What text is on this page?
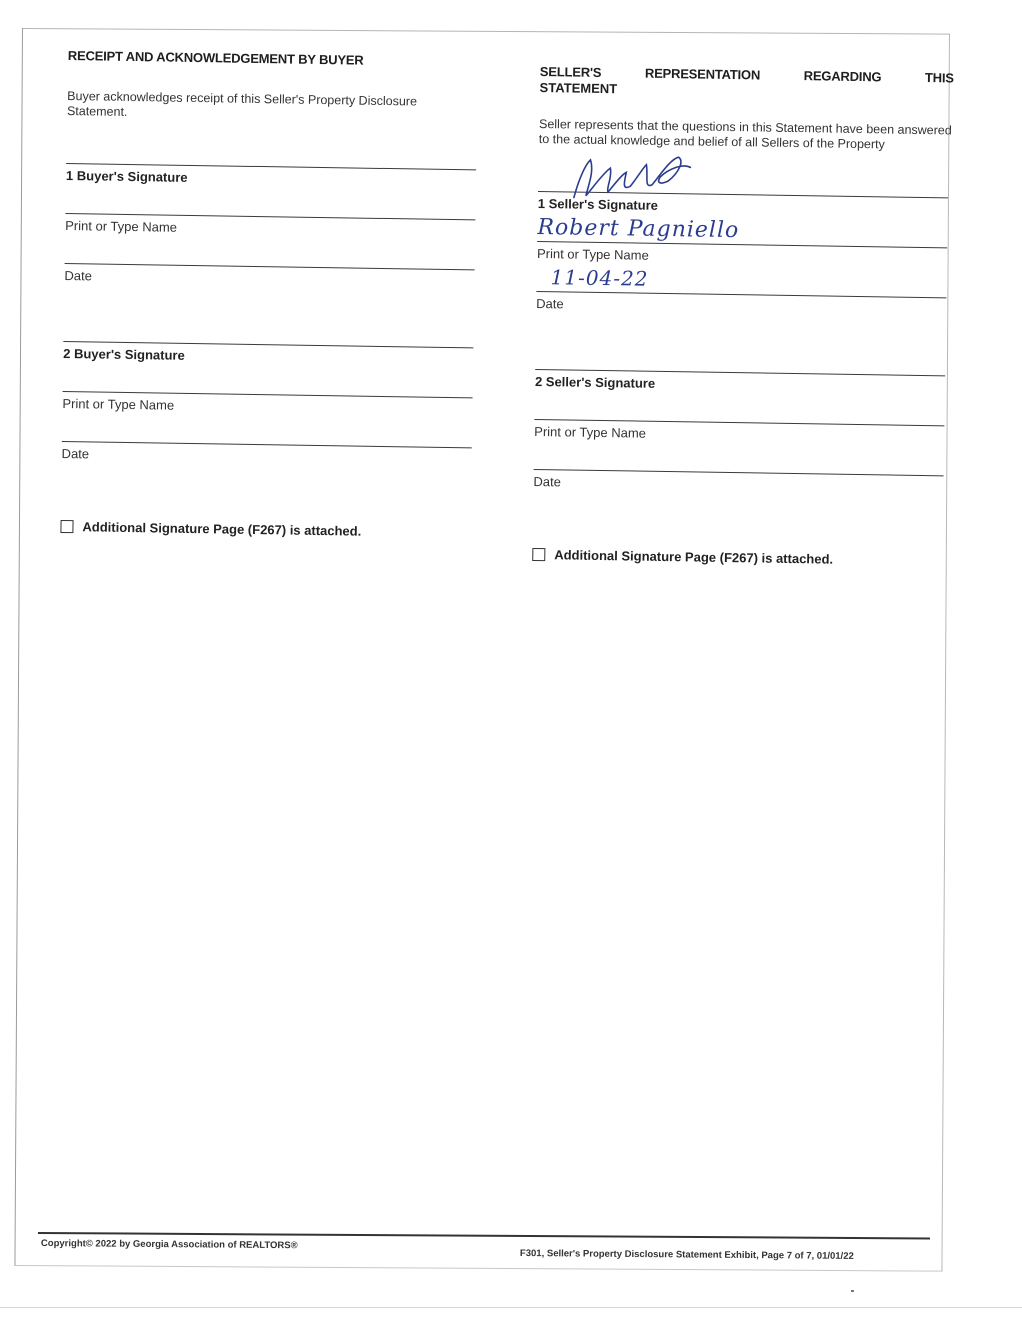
RECEIPT AND ACKNOWLEDGEMENT BY BUYER
Buyer acknowledges receipt of this Seller's Property Disclosure Statement.
1 Buyer's Signature
Print or Type Name
Date
2 Buyer's Signature
Print or Type Name
Date
Additional Signature Page (F267) is attached.
SELLER'S	REPRESENTATION	REGARDING	THIS
STATEMENT
Seller represents that the questions in this Statement have been answered to the actual knowledge and belief of all Sellers of the Property
1 Seller's Signature
Print or Type Name
Robert Pagniello
Date
11-04-22
2 Seller's Signature
Print or Type Name
Date
Additional Signature Page (F267) is attached.
Copyright© 2022 by Georgia Association of REALTORS®
F301, Seller's Property Disclosure Statement Exhibit, Page 7 of 7, 01/01/22
